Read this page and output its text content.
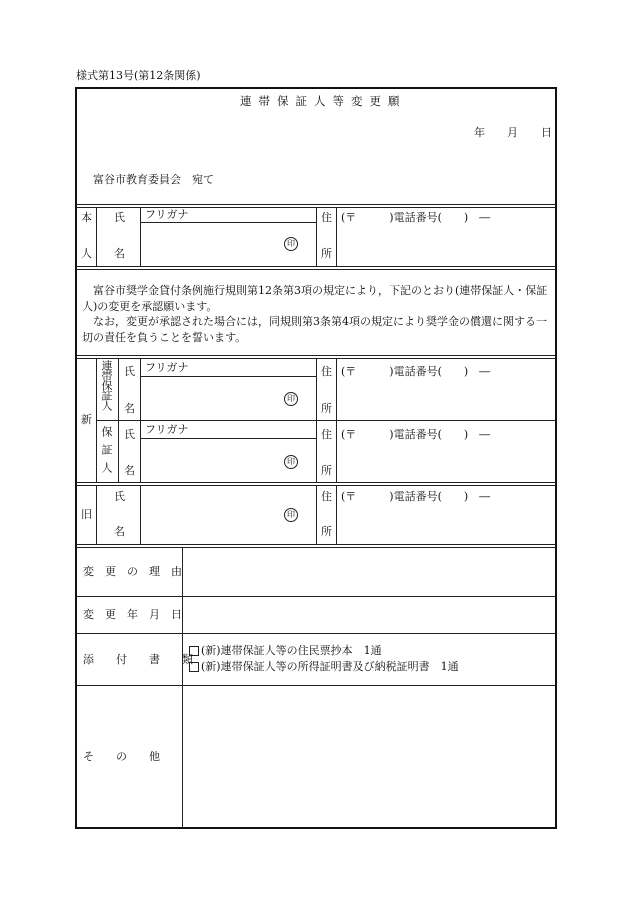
様式第13号(第12条関係)
連帯保証人等変更願
年 月 日
富谷市教育委員会　宛て
本
人
氏
名
フリガナ
印
住
所
(〒　　　)電話番号(　　)　―
　富谷市奨学金貸付条例施行規則第12条第3項の規定により，下記のとおり(連帯保証人・保証
人)の変更を承認願います。
　なお，変更が承認された場合には，同規則第3条第4項の規定により奨学金の償還に関する一
切の責任を負うことを誓います。
新
連帯保証人 氏
名
フリガナ
印
住
所
(〒　　　)電話番号(　　)　―
保証人 氏
名
フリガナ
印
住
所
(〒　　　)電話番号(　　)　―
旧
氏
名
印
住
所
(〒　　　)電話番号(　　)　―
変　更　の　理　由
変　更　年　月　日
添　　付　　書　　類
そ　　の　　他
(新)連帯保証人等の住民票抄本　1通
(新)連帯保証人等の所得証明書及び納税証明書　1通
